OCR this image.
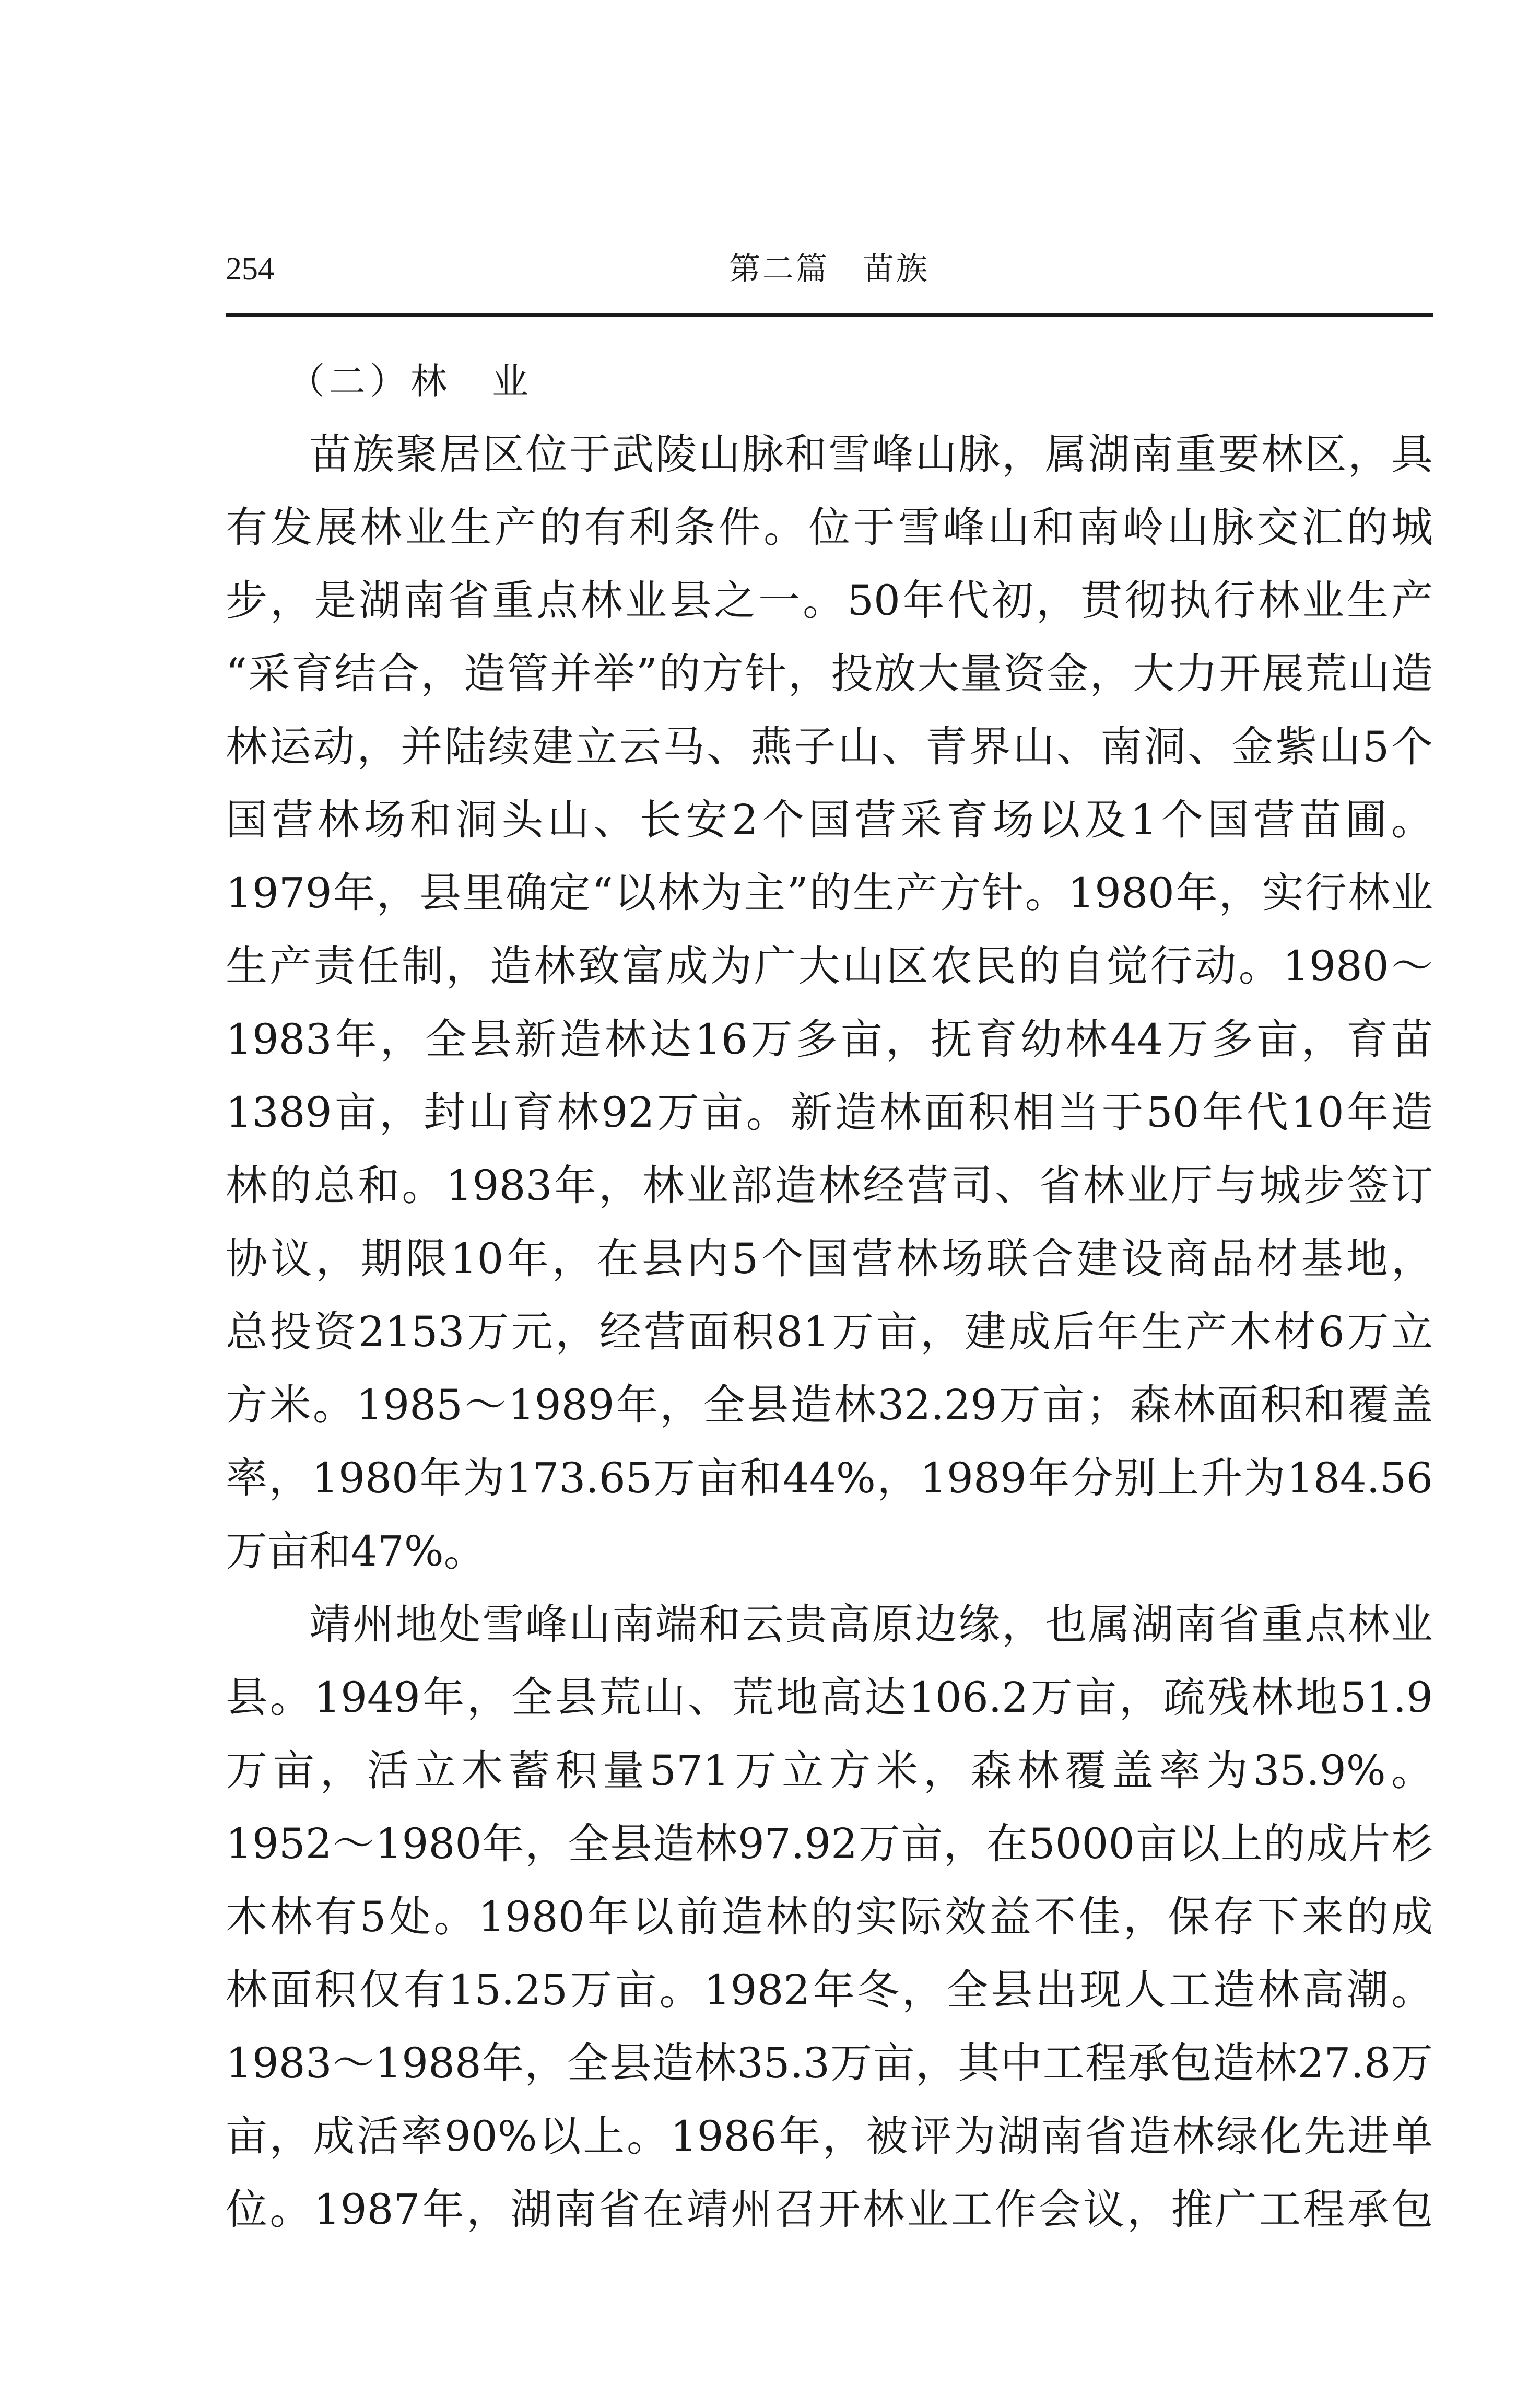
254	第二篇　苗族
（二）林　业
苗族聚居区位于武陵山脉和雪峰山脉，属湖南重要林区，具
有发展林业生产的有利条件。位于雪峰山和南岭山脉交汇的城
步，是湖南省重点林业县之一。50年代初，贯彻执行林业生产
“采育结合，造管并举”的方针，投放大量资金，大力开展荒山造
林运动，并陆续建立云马、燕子山、青界山、南洞、金紫山5个
国营林场和洞头山、长安2个国营采育场以及1个国营苗圃。
1979年，县里确定“以林为主”的生产方针。1980年，实行林业
生产责任制，造林致富成为广大山区农民的自觉行动。1980～
1983年，全县新造林达16万多亩，抚育幼林44万多亩，育苗
1389亩，封山育林92万亩。新造林面积相当于50年代10年造
林的总和。1983年，林业部造林经营司、省林业厅与城步签订
协议，期限10年，在县内5个国营林场联合建设商品材基地，
总投资2153万元，经营面积81万亩，建成后年生产木材6万立
方米。1985～1989年，全县造林32.29万亩；森林面积和覆盖
率，1980年为173.65万亩和44%，1989年分别上升为184.56
万亩和47%。
靖州地处雪峰山南端和云贵高原边缘，也属湖南省重点林业
县。1949年，全县荒山、荒地高达106.2万亩，疏残林地51.9
万亩，活立木蓄积量571万立方米，森林覆盖率为35.9%。
1952～1980年，全县造林97.92万亩，在5000亩以上的成片杉
木林有5处。1980年以前造林的实际效益不佳，保存下来的成
林面积仅有15.25万亩。1982年冬，全县出现人工造林高潮。
1983～1988年，全县造林35.3万亩，其中工程承包造林27.8万
亩，成活率90%以上。1986年，被评为湖南省造林绿化先进单
位。1987年，湖南省在靖州召开林业工作会议，推广工程承包
